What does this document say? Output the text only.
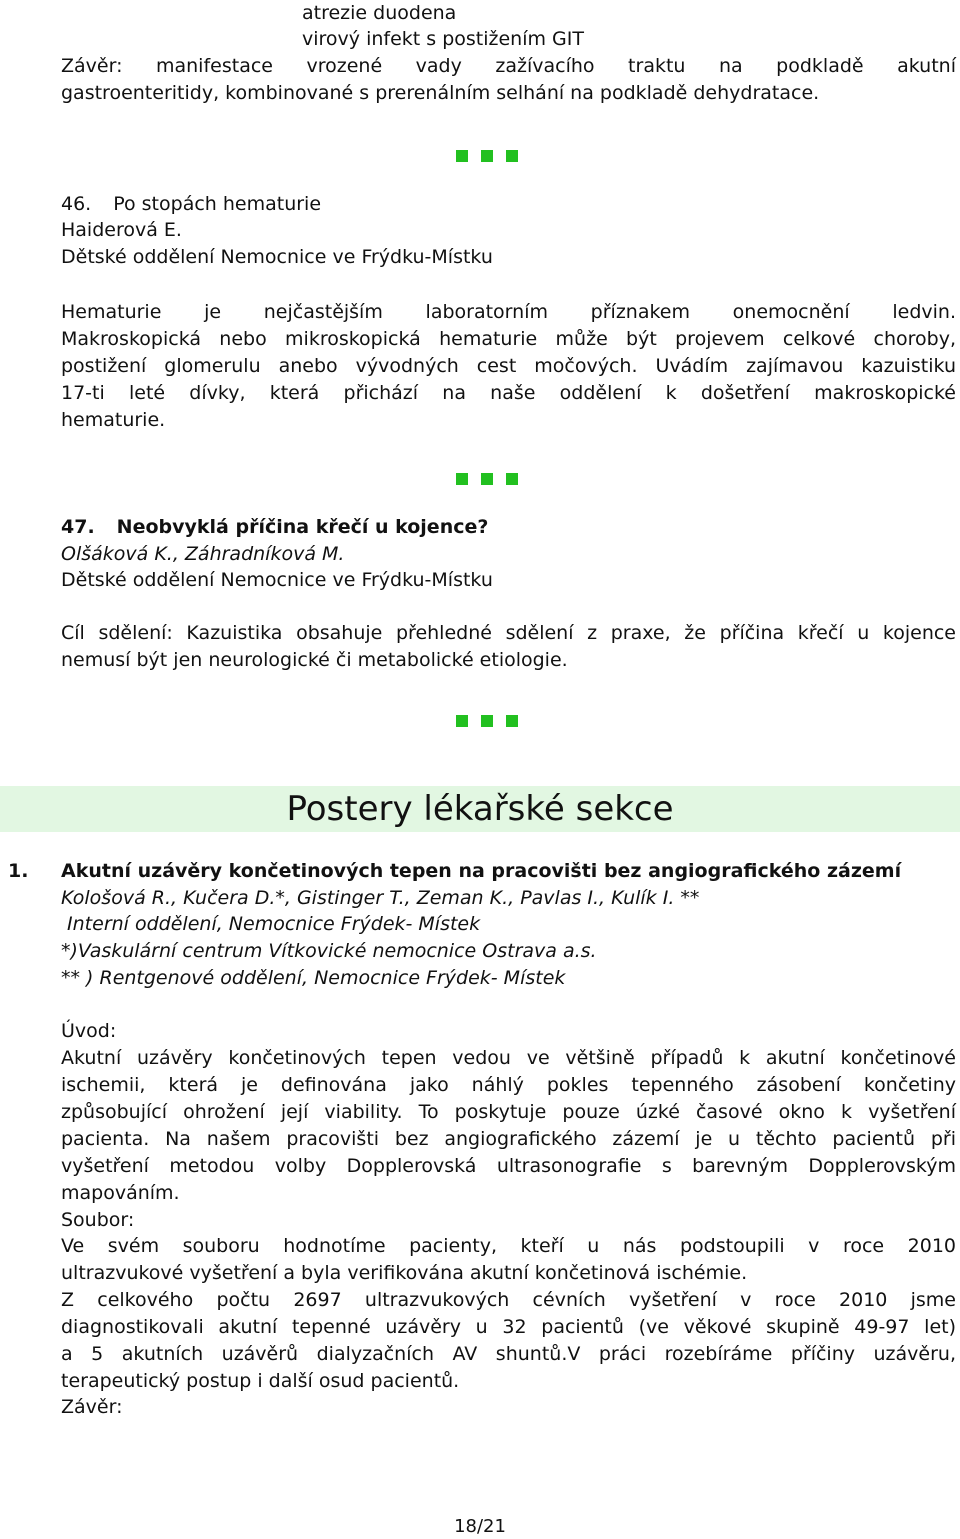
atrezie duodena
virový infekt s postižením GIT
Závěr: manifestace vrozené vady zažívacího traktu na podkladě akutní
gastroenteritidy, kombinované s prerenálním selhání na podkladě dehydratace.
46. Po stopách hematurie
Haiderová E.
Dětské oddělení Nemocnice ve Frýdku-Místku
Hematurie je nejčastějším laboratorním příznakem onemocnění ledvin.
Makroskopická nebo mikroskopická hematurie může být projevem celkové choroby,
postižení glomerulu anebo vývodných cest močových. Uvádím zajímavou kazuistiku
17-ti leté dívky, která přichází na naše oddělení k došetření makroskopické
hematurie.
47. Neobvyklá příčina křečí u kojence?
Olšáková K., Záhradníková M.
Dětské oddělení Nemocnice ve Frýdku-Místku
Cíl sdělení: Kazuistika obsahuje přehledné sdělení z praxe, že příčina křečí u kojence
nemusí být jen neurologické či metabolické etiologie.
Postery lékařské sekce
1. Akutní uzávěry končetinových tepen na pracovišti bez angiografického zázemí
Kološová R., Kučera D.*, Gistinger T., Zeman K., Pavlas I., Kulík I. **
Interní oddělení, Nemocnice Frýdek- Místek
*)Vaskulární centrum Vítkovické nemocnice Ostrava a.s.
** ) Rentgenové oddělení, Nemocnice Frýdek- Místek
Úvod:
Akutní uzávěry končetinových tepen vedou ve většině případů k akutní končetinové
ischemii, která je definována jako náhlý pokles tepenného zásobení končetiny
způsobující ohrožení její viability. To poskytuje pouze úzké časové okno k vyšetření
pacienta. Na našem pracovišti bez angiografického zázemí je u těchto pacientů při
vyšetření metodou volby Dopplerovská ultrasonografie s barevným Dopplerovským
mapováním.
Soubor:
Ve svém souboru hodnotíme pacienty, kteří u nás podstoupili v roce 2010
ultrazvukové vyšetření a byla verifikována akutní končetinová ischémie.
Z celkového počtu 2697 ultrazvukových cévních vyšetření v roce 2010 jsme
diagnostikovali akutní tepenné uzávěry u 32 pacientů (ve věkové skupině 49-97 let)
a 5 akutních uzávěrů dialyzačních AV shuntů.V práci rozebíráme příčiny uzávěru,
terapeutický postup i další osud pacientů.
Závěr:
18/21
